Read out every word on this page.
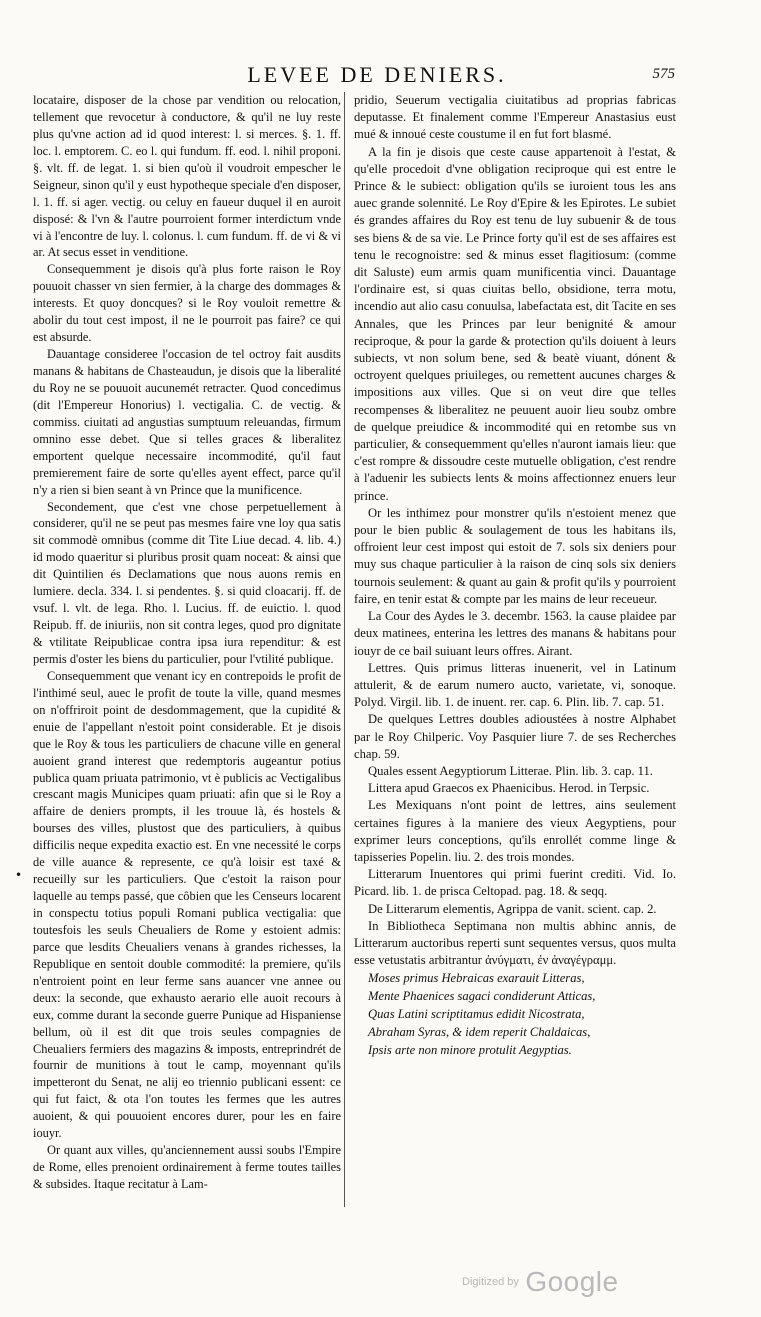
LEVEE DE DENIERS.	575

locataire, disposer de la chose par vendition ou relocation, tellement que revocetur à conductore, & qu'il ne luy reste plus qu'vne action ad id quod interest: l. si merces. §. 1. ff. loc. l. emptorem. C. eo l. qui fundum. ff. eod. l. nihil proponi. §. vlt. ff. de legat. 1. si bien qu'où il voudroit empescher le Seigneur, sinon qu'il y eust hypotheque speciale d'en disposer, l. 1. ff. si ager. vectig. ou celuy en faueur duquel il en auroit disposé: & l'vn & l'autre pourroient former interdictum vnde vi à l'encontre de luy. l. colonus. l. cum fundum. ff. de vi & vi ar. At secus esset in venditione.

Consequemment je disois qu'à plus forte raison le Roy pouuoit chasser vn sien fermier, à la charge des dommages & interests. Et quoy doncques? si le Roy vouloit remettre & abolir du tout cest impost, il ne le pourroit pas faire? ce qui est absurde.

Dauantage consideree l'occasion de tel octroy fait ausdits manans & habitans de Chasteaudun, je disois que la liberalité du Roy ne se pouuoit aucunemét retracter. Quod concedimus (dit l'Empereur Honorius) l. vectigalia. C. de vectig. & commiss. ciuitati ad angustias sumptuum releuandas, firmum omnino esse debet. Que si telles graces & liberalitez emportent quelque necessaire incommodité, qu'il faut premierement faire de sorte qu'elles ayent effect, parce qu'il n'y a rien si bien seant à vn Prince que la munificence.

Secondement, que c'est vne chose perpetuellement à considerer, qu'il ne se peut pas mesmes faire vne loy qua satis sit commodè omnibus (comme dit Tite Liue decad. 4. lib. 4.) id modo quaeritur si pluribus prosit quam noceat: & ainsi que dit Quintilien és Declamations que nous auons remis en lumiere. decla. 334. l. si pendentes. §. si quid cloacarij. ff. de vsuf. l. vlt. de lega. Rho. l. Lucius. ff. de euictio. l. quod Reipub. ff. de iniuriis, non sit contra leges, quod pro dignitate & vtilitate Reipublicae contra ipsa iura rependitur: & est permis d'oster les biens du particulier, pour l'vtilité publique.

Consequemment que venant icy en contrepoids le profit de l'inthimé seul, auec le profit de toute la ville, quand mesmes on n'offriroit point de desdommagement, que la cupidité & enuie de l'appellant n'estoit point considerable. Et je disois que le Roy & tous les particuliers de chacune ville en general auoient grand interest que redemptoris augeantur potius publica quam priuata patrimonio, vt è publicis ac Vectigalibus crescant magis Municipes quam priuati: afin que si le Roy a affaire de deniers prompts, il les trouue là, és hostels & bourses des villes, plustost que des particuliers, à quibus difficilis neque expedita exactio est. En vne necessité le corps de ville auance & represente, ce qu'à loisir est taxé & recueilly sur les particuliers. Que c'estoit la raison pour laquelle au temps passé, que côbien que les Censeurs locarent in conspectu totius populi Romani publica vectigalia: que toutesfois les seuls Cheualiers de Rome y estoient admis: parce que lesdits Cheualiers venans à grandes richesses, la Republique en sentoit double commodité: la premiere, qu'ils n'entroient point en leur ferme sans auancer vne annee ou deux: la seconde, que exhausto aerario elle auoit recours à eux, comme durant la seconde guerre Punique ad Hispaniense bellum, où il est dit que trois seules compagnies de Cheualiers fermiers des magazins & imposts, entreprindrét de fournir de munitions à tout le camp, moyennant qu'ils impetteront du Senat, ne alij eo triennio publicani essent: ce qui fut faict, & ota l'on toutes les fermes que les autres auoient, & qui pouuoient encores durer, pour les en faire iouyr.

Or quant aux villes, qu'anciennement aussi soubs l'Empire de Rome, elles prenoient ordinairement à ferme toutes tailles & subsides. Itaque recitatur à Lam-

•

pridio, Seuerum vectigalia ciuitatibus ad proprias fabricas deputasse. Et finalement comme l'Empereur Anastasius eust mué & innoué ceste coustume il en fut fort blasmé.

A la fin je disois que ceste cause appartenoit à l'estat, & qu'elle procedoit d'vne obligation reciproque qui est entre le Prince & le subiect: obligation qu'ils se iuroient tous les ans auec grande solennité. Le Roy d'Epire & les Epirotes. Le subiet és grandes affaires du Roy est tenu de luy subuenir & de tous ses biens & de sa vie. Le Prince forty qu'il est de ses affaires est tenu le recognoistre: sed & minus esset flagitiosum: (comme dit Saluste) eum armis quam munificentia vinci. Dauantage l'ordinaire est, si quas ciuitas bello, obsidione, terra motu, incendio aut alio casu conuulsa, labefactata est, dit Tacite en ses Annales, que les Princes par leur benignité & amour reciproque, & pour la garde & protection qu'ils doiuent à leurs subiects, vt non solum bene, sed & beatè viuant, dónent & octroyent quelques priuileges, ou remettent aucunes charges & impositions aux villes. Que si on veut dire que telles recompenses & liberalitez ne peuuent auoir lieu soubz ombre de quelque preiudice & incommodité qui en retombe sus vn particulier, & consequemment qu'elles n'auront iamais lieu: que c'est rompre & dissoudre ceste mutuelle obligation, c'est rendre à l'aduenir les subiects lents & moins affectionnez enuers leur prince.

Or les inthimez pour monstrer qu'ils n'estoient menez que pour le bien public & soulagement de tous les habitans ils, offroient leur cest impost qui estoit de 7. sols six deniers pour muy sus chaque particulier à la raison de cinq sols six deniers tournois seulement: & quant au gain & profit qu'ils y pourroient faire, en tenir estat & compte par les mains de leur receueur.

La Cour des Aydes le 3. decembr. 1563. la cause plaidee par deux matinees, enterina les lettres des manans & habitans pour iouyr de ce bail suiuant leurs offres. Airant.

Lettres. Quis primus litteras inuenerit, vel in Latinum attulerit, & de earum numero aucto, varietate, vi, sonoque. Polyd. Virgil. lib. 1. de inuent. rer. cap. 6. Plin. lib. 7. cap. 51.

De quelques Lettres doubles adioustées à nostre Alphabet par le Roy Chilperic. Voy Pasquier liure 7. de ses Recherches chap. 59.

Quales essent Aegyptiorum Litterae. Plin. lib. 3. cap. 11.

Littera apud Graecos ex Phaenicibus. Herod. in Terpsic.

Les Mexiquans n'ont point de lettres, ains seulement certaines figures à la maniere des vieux Aegyptiens, pour exprimer leurs conceptions, qu'ils enrollét comme linge & tapisseries Popelin. liu. 2. des trois mondes.

Litterarum Inuentores qui primi fuerint crediti. Vid. Io. Picard. lib. 1. de prisca Celtopad. pag. 18. & seqq.

De Litterarum elementis, Agrippa de vanit. scient. cap. 2.

In Bibliotheca Septimana non multis abhinc annis, de Litterarum auctoribus reperti sunt sequentes versus, quos multa esse vetustatis arbitrantur ἀνύγματι, ἐν ἀναγέγραμμ.

Moses primus Hebraicas exarauit Litteras,
Mente Phaenices sagaci condiderunt Atticas,
Quas Latini scriptitamus edidit Nicostrata,
Abraham Syras, & idem reperit Chaldaicas,
Ipsis arte non minore protulit Aegyptias.

Digitized by Google
